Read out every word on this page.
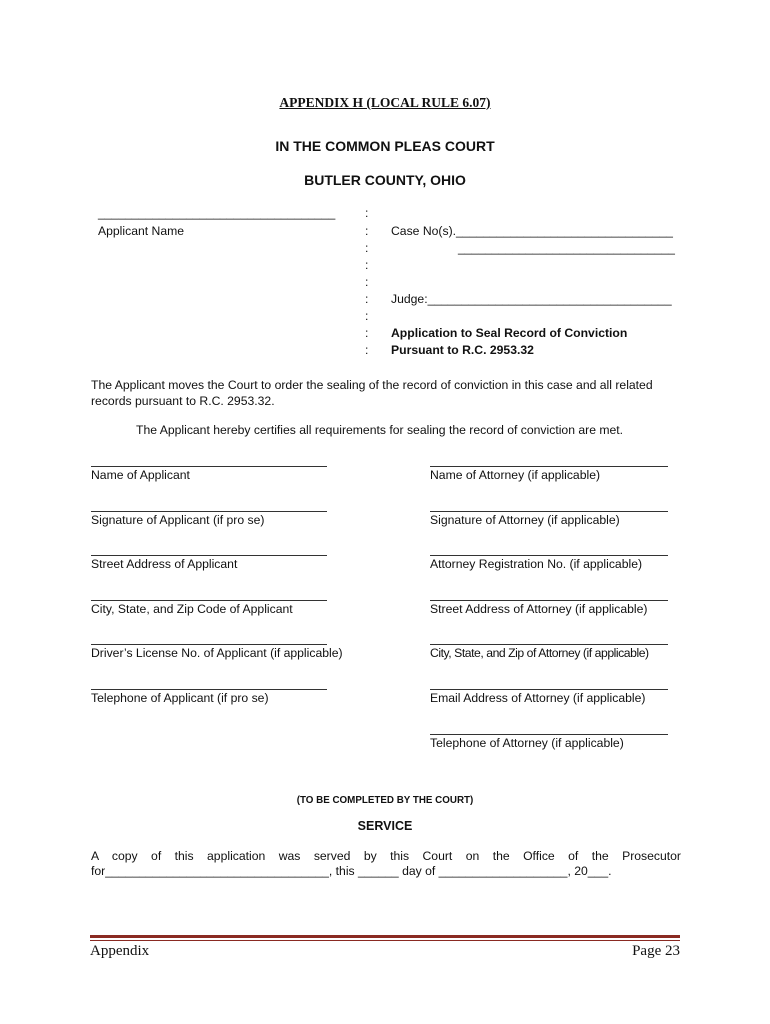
APPENDIX H (LOCAL RULE 6.07)
IN THE COMMON PLEAS COURT
BUTLER COUNTY, OHIO
___________________________________
Applicant Name
:
:
:
:
:
:
:
:
:
Case No(s).________________________________
________________________________
Judge:____________________________________
Application to Seal Record of Conviction
Pursuant to R.C. 2953.32
The Applicant moves the Court to order the sealing of the record of conviction in this case and all related
records pursuant to R.C. 2953.32.
The Applicant hereby certifies all requirements for sealing the record of conviction are met.
Name of Applicant
Signature of Applicant (if pro se)
Street Address of Applicant
City, State, and Zip Code of Applicant
Driver’s License No. of Applicant (if applicable)
Telephone of Applicant (if pro se)
Name of Attorney (if applicable)
Signature of Attorney (if applicable)
Attorney Registration No. (if applicable)
Street Address of Attorney (if applicable)
City, State, and Zip of Attorney (if applicable)
Email Address of Attorney (if applicable)
Telephone of Attorney (if applicable)
(TO BE COMPLETED BY THE COURT)
SERVICE
A copy of this application was served by this Court on the Office of the Prosecutor
for_________________________________, this ______ day of ___________________, 20___.
Appendix	Page 23
